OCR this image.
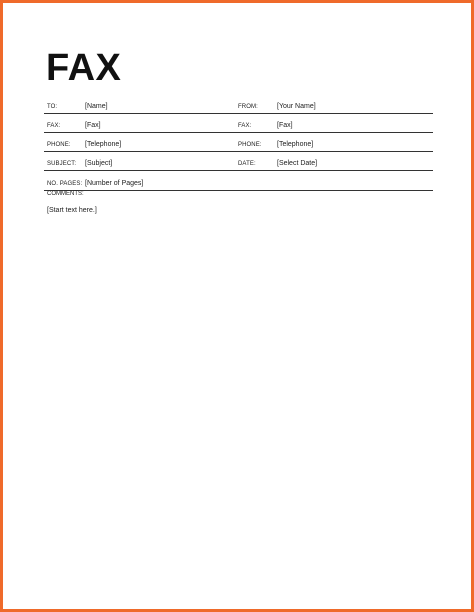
FAX
TO:	[Name]	FROM:	[Your Name]
FAX:	[Fax]	FAX:	[Fax]
PHONE: [Telephone]	PHONE: [Telephone]
SUBJECT: [Subject]	DATE:	[Select Date]
NO. PAGES: [Number of Pages]
COMMENTS:
[Start text here.]
